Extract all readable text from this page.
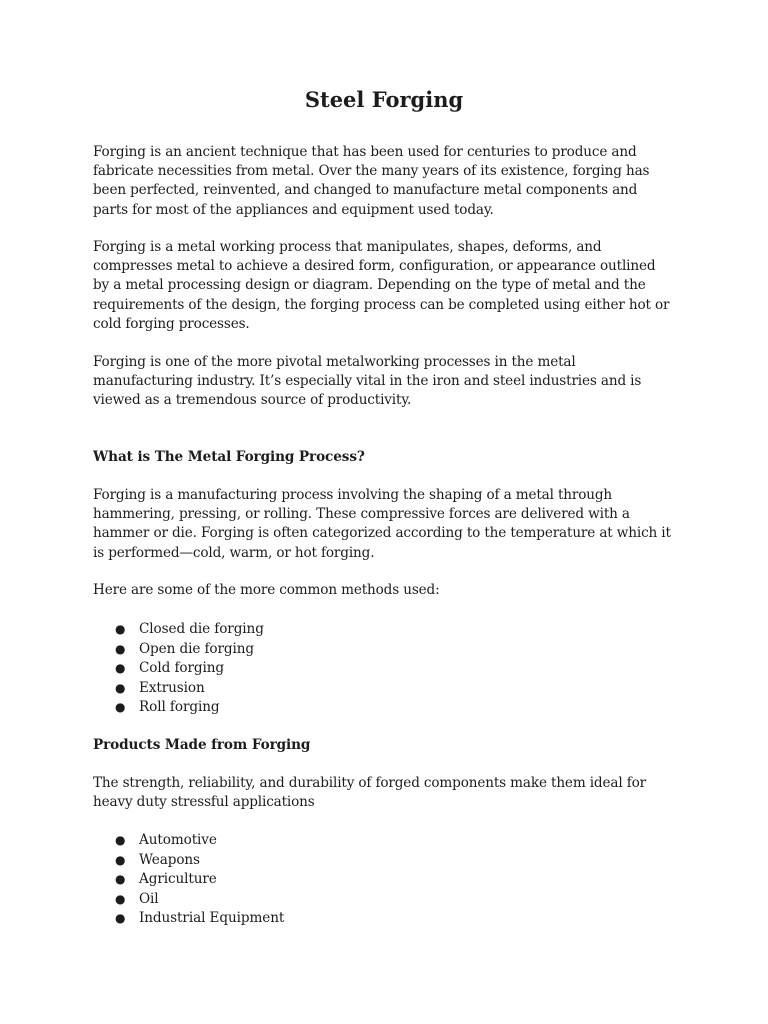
Steel Forging

Forging is an ancient technique that has been used for centuries to produce and
fabricate necessities from metal. Over the many years of its existence, forging has
been perfected, reinvented, and changed to manufacture metal components and
parts for most of the appliances and equipment used today.

Forging is a metal working process that manipulates, shapes, deforms, and
compresses metal to achieve a desired form, configuration, or appearance outlined
by a metal processing design or diagram. Depending on the type of metal and the
requirements of the design, the forging process can be completed using either hot or
cold forging processes.

Forging is one of the more pivotal metalworking processes in the metal
manufacturing industry. It’s especially vital in the iron and steel industries and is
viewed as a tremendous source of productivity.

What is The Metal Forging Process?

Forging is a manufacturing process involving the shaping of a metal through
hammering, pressing, or rolling. These compressive forces are delivered with a
hammer or die. Forging is often categorized according to the temperature at which it
is performed—cold, warm, or hot forging.

Here are some of the more common methods used:

● Closed die forging
● Open die forging
● Cold forging
● Extrusion
● Roll forging
Products Made from Forging

The strength, reliability, and durability of forged components make them ideal for
heavy duty stressful applications

● Automotive
● Weapons
● Agriculture
● Oil
● Industrial Equipment
